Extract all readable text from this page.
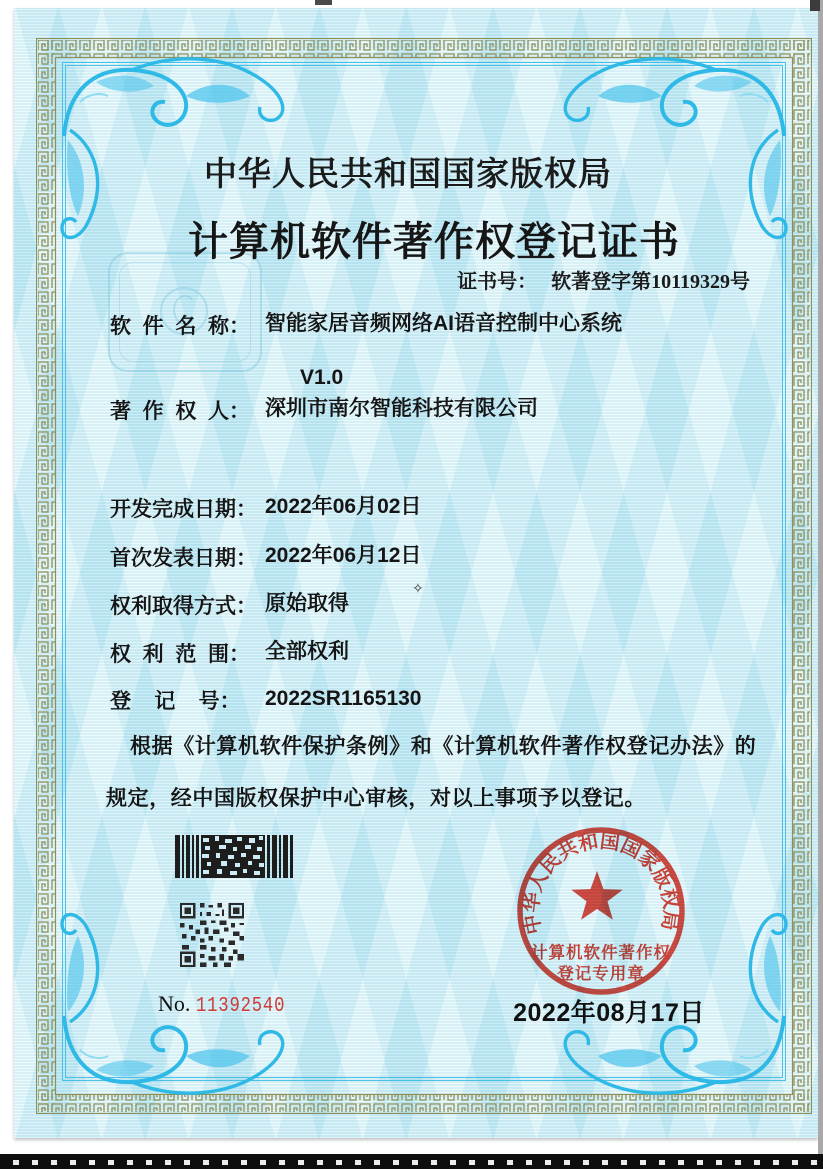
中华人民共和国国家版权局
计算机软件著作权登记证书
证书号： 软著登字第10119329号
软  件  名  称： 智能家居音频网络AI语音控制中心系统

V1.0
著  作  权  人： 深圳市南尔智能科技有限公司
开发完成日期： 2022年06月02日
首次发表日期： 2022年06月12日
权利取得方式： 原始取得
权  利  范  围： 全部权利
登    记    号： 2022SR1165130
根据《计算机软件保护条例》和《计算机软件著作权登记办法》的
规定，经中国版权保护中心审核，对以上事项予以登记。
✧
No. 11392540
中华人民共和国国家版权局
计算机软件著作权
登记专用章
2022年08月17日
